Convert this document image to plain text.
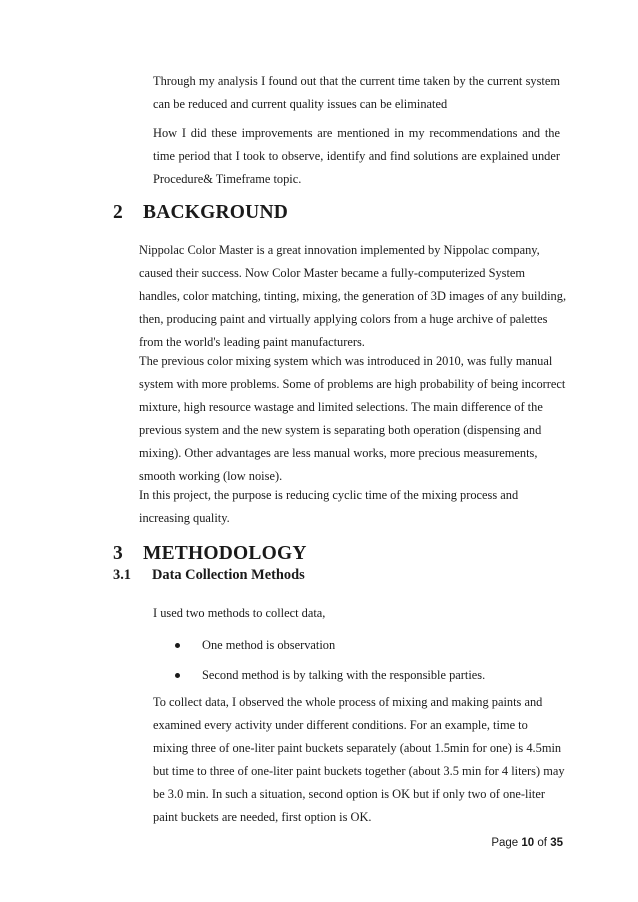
Through my analysis I found out that the current time taken by the current system can be reduced and current quality issues can be eliminated

How I did these improvements are mentioned in my recommendations and the time period that I took to observe, identify and find solutions are explained under Procedure& Timeframe topic.

2 BACKGROUND

Nippolac Color Master is a great innovation implemented by Nippolac company, caused their success. Now Color Master became a fully-computerized System handles, color matching, tinting, mixing, the generation of 3D images of any building, then, producing paint and virtually applying colors from a huge archive of palettes from the world's leading paint manufacturers.

The previous color mixing system which was introduced in 2010, was fully manual system with more problems. Some of problems are high probability of being incorrect mixture, high resource wastage and limited selections. The main difference of the previous system and the new system is separating both operation (dispensing and mixing). Other advantages are less manual works, more precious measurements, smooth working (low noise).

In this project, the purpose is reducing cyclic time of the mixing process and increasing quality.

3 METHODOLOGY
3.1 Data Collection Methods

I used two methods to collect data,

One method is observation
Second method is by talking with the responsible parties.

To collect data, I observed the whole process of mixing and making paints and examined every activity under different conditions. For an example, time to mixing three of one-liter paint buckets separately (about 1.5min for one) is 4.5min but time to three of one-liter paint buckets together (about 3.5 min for 4 liters) may be 3.0 min. In such a situation, second option is OK but if only two of one-liter paint buckets are needed, first option is OK.

Page 10 of 35
